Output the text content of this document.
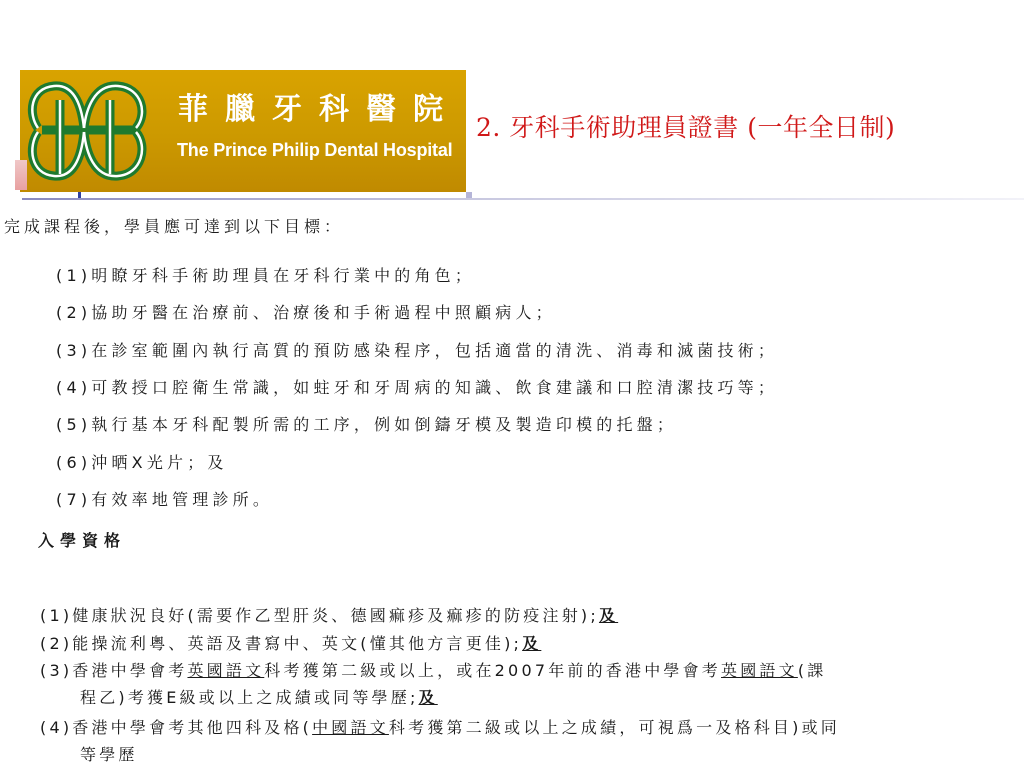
菲臘牙科醫院
The Prince Philip Dental Hospital
2. 牙科手術助理員證書 (一年全日制)
完成課程後，學員應可達到以下目標：
(1)明瞭牙科手術助理員在牙科行業中的角色；
(2)協助牙醫在治療前、治療後和手術過程中照顧病人；
(3)在診室範圍內執行高質的預防感染程序，包括適當的清洗、消毒和滅菌技術；
(4)可教授口腔衛生常識，如蛀牙和牙周病的知識、飲食建議和口腔清潔技巧等；
(5)執行基本牙科配製所需的工序，例如倒鑄牙模及製造印模的托盤；
(6)沖晒X光片；及
(7)有效率地管理診所。
入學資格
(1)健康狀況良好(需要作乙型肝炎、德國痲疹及痲疹的防疫注射);及
(2)能操流利粵、英語及書寫中、英文(懂其他方言更佳);及
(3)香港中學會考英國語文科考獲第二級或以上，或在2007年前的香港中學會考英國語文(課
程乙)考獲E級或以上之成績或同等學歷;及
(4)香港中學會考其他四科及格(中國語文科考獲第二級或以上之成績，可視爲一及格科目)或同
等學歷
